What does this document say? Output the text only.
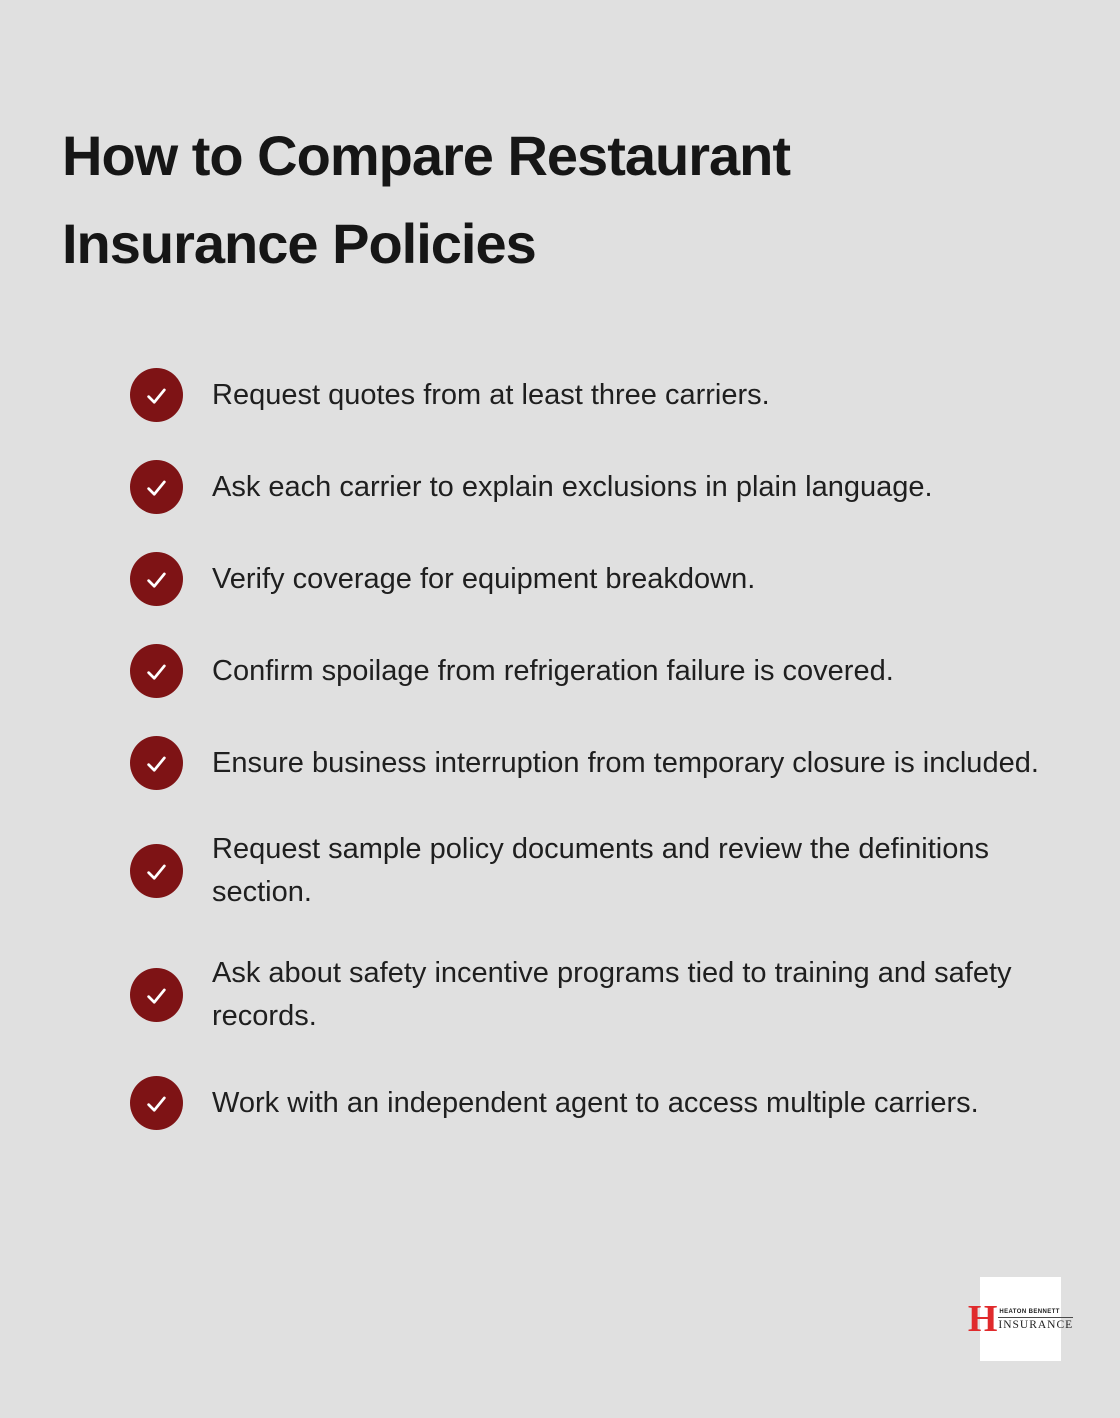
How to Compare Restaurant Insurance Policies
Request quotes from at least three carriers.
Ask each carrier to explain exclusions in plain language.
Verify coverage for equipment breakdown.
Confirm spoilage from refrigeration failure is covered.
Ensure business interruption from temporary closure is included.
Request sample policy documents and review the definitions section.
Ask about safety incentive programs tied to training and safety records.
Work with an independent agent to access multiple carriers.
H HEATON BENNETT
INSURANCE
